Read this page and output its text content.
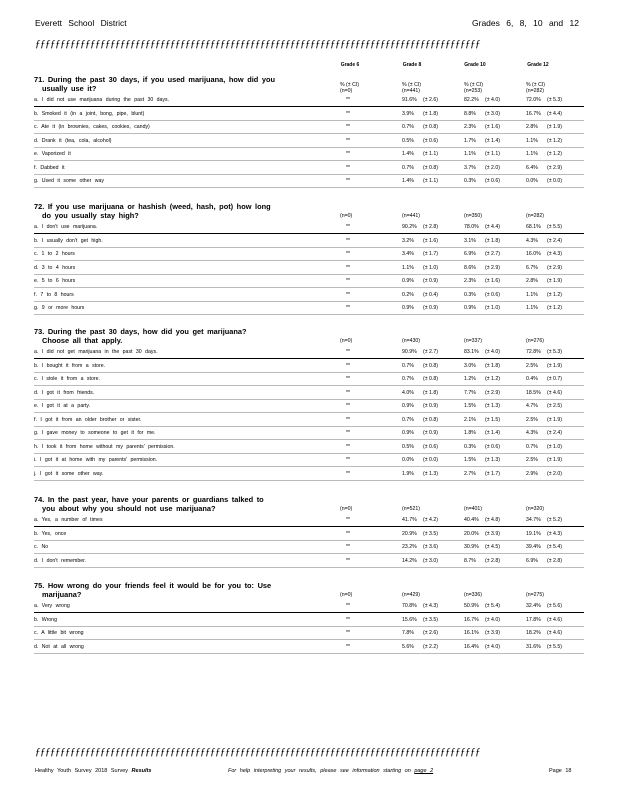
Everett School District	Grades 6, 8, 10 and 12
ƒƒƒƒƒƒƒƒƒƒƒƒƒƒƒƒƒƒƒƒƒƒƒƒƒƒƒƒƒƒƒƒƒƒƒƒƒƒƒƒƒƒƒƒƒƒƒƒƒƒƒƒƒƒƒƒƒƒƒƒƒƒƒƒƒƒƒƒƒƒƒƒƒƒƒƒƒƒƒƒƒƒƒƒƒƒƒƒƒ
Grade 6	Grade 8	Grade 10	Grade 12
71. During the past 30 days, if you used marijuana, how did you
usually use it?	% (± CI)
(n=0)
% (± CI)
(n=441)
% (± CI)
(n=253)
% (± CI)
(n=282)
a. I did not use marijuana during the past 30 days.	**	91.6% (± 2.6)	82.2% (± 4.0)	72.0% (± 5.3)
b. Smoked it (in a joint, bong, pipe, blunt)	**	3.9% (± 1.8)	8.8% (± 3.0)	16.7% (± 4.4)
c. Ate it (in brownies, cakes, cookies, candy)	**	0.7% (± 0.8)	2.3% (± 1.6)	2.8% (± 1.9)
d. Drank it (tea, cola, alcohol)	**	0.5% (± 0.6)	1.7% (± 1.4)	1.1% (± 1.2)
e. Vaporized it	**	1.4% (± 1.1)	1.1% (± 1.1)	1.1% (± 1.2)
f. Dabbed it	**	0.7% (± 0.8)	3.7% (± 2.0)	6.4% (± 2.9)
g. Used it some other way	**	1.4% (± 1.1)	0.3% (± 0.6)	0.0% (± 0.0)
72. If you use marijuana or hashish (weed, hash, pot) how long
do you usually stay high?	(n=0)	(n=441)	(n=350)	(n=282)
a. I don't use marijuana.	**	90.2% (± 2.8)	78.0% (± 4.4)	68.1% (± 5.5)
b. I usually don't get high.	**	3.2% (± 1.6)	3.1% (± 1.8)	4.3% (± 2.4)
c. 1 to 2 hours	**	3.4% (± 1.7)	6.9% (± 2.7)	16.0% (± 4.3)
d. 3 to 4 hours	**	1.1% (± 1.0)	8.6% (± 2.9)	6.7% (± 2.9)
e. 5 to 6 hours	**	0.9% (± 0.9)	2.3% (± 1.6)	2.8% (± 1.9)
f. 7 to 8 hours	**	0.2% (± 0.4)	0.3% (± 0.6)	1.1% (± 1.2)
g. 9 or more hours	**	0.9% (± 0.9)	0.9% (± 1.0)	1.1% (± 1.2)
73. During the past 30 days, how did you get marijuana?
Choose all that apply.	(n=0)	(n=430)	(n=337)	(n=276)
a. I did not get marijuana in the past 30 days.	**	90.9% (± 2.7)	83.1% (± 4.0)	72.8% (± 5.3)
b. I bought it from a store.	**	0.7% (± 0.8)	3.0% (± 1.8)	2.5% (± 1.9)
c. I stole it from a store.	**	0.7% (± 0.8)	1.2% (± 1.2)	0.4% (± 0.7)
d. I got it from friends.	**	4.0% (± 1.8)	7.7% (± 2.9)	18.5% (± 4.6)
e. I got it at a party.	**	0.9% (± 0.9)	1.5% (± 1.3)	4.7% (± 2.5)
f. I got it from an older brother or sister.	**	0.7% (± 0.8)	2.1% (± 1.5)	2.5% (± 1.9)
g. I gave money to someone to get it for me.	**	0.9% (± 0.9)	1.8% (± 1.4)	4.3% (± 2.4)
h. I took it from home without my parents' permission.	**	0.5% (± 0.6)	0.3% (± 0.6)	0.7% (± 1.0)
i. I got it at home with my parents' permission.	**	0.0% (± 0.0)	1.5% (± 1.3)	2.5% (± 1.9)
j. I got it some other way.	**	1.9% (± 1.3)	2.7% (± 1.7)	2.9% (± 2.0)
74. In the past year, have your parents or guardians talked to
you about why you should not use marijuana?	(n=0)	(n=521)	(n=401)	(n=320)
a. Yes, a number of times	**	41.7% (± 4.2)	40.4% (± 4.8)	34.7% (± 5.2)
b. Yes, once	**	20.9% (± 3.5)	20.0% (± 3.9)	19.1% (± 4.3)
c. No	**	23.2% (± 3.6)	30.9% (± 4.5)	39.4% (± 5.4)
d. I don't remember.	**	14.2% (± 3.0)	8.7% (± 2.8)	6.9% (± 2.8)
75. How wrong do your friends feel it would be for you to: Use
marijuana?	(n=0)	(n=429)	(n=336)	(n=275)
a. Very wrong	**	70.8% (± 4.3)	50.9% (± 5.4)	32.4% (± 5.6)
b. Wrong	**	15.6% (± 3.5)	16.7% (± 4.0)	17.8% (± 4.6)
c. A little bit wrong	**	7.8% (± 2.6)	16.1% (± 3.9)	18.2% (± 4.6)
d. Not at all wrong	**	5.6% (± 2.2)	16.4% (± 4.0)	31.6% (± 5.5)
ƒƒƒƒƒƒƒƒƒƒƒƒƒƒƒƒƒƒƒƒƒƒƒƒƒƒƒƒƒƒƒƒƒƒƒƒƒƒƒƒƒƒƒƒƒƒƒƒƒƒƒƒƒƒƒƒƒƒƒƒƒƒƒƒƒƒƒƒƒƒƒƒƒƒƒƒƒƒƒƒƒƒƒƒƒƒƒƒƒ
Healthy Youth Survey 2018 Survey Results	For help interpreting your results, please see information starting on page 2	Page 18
